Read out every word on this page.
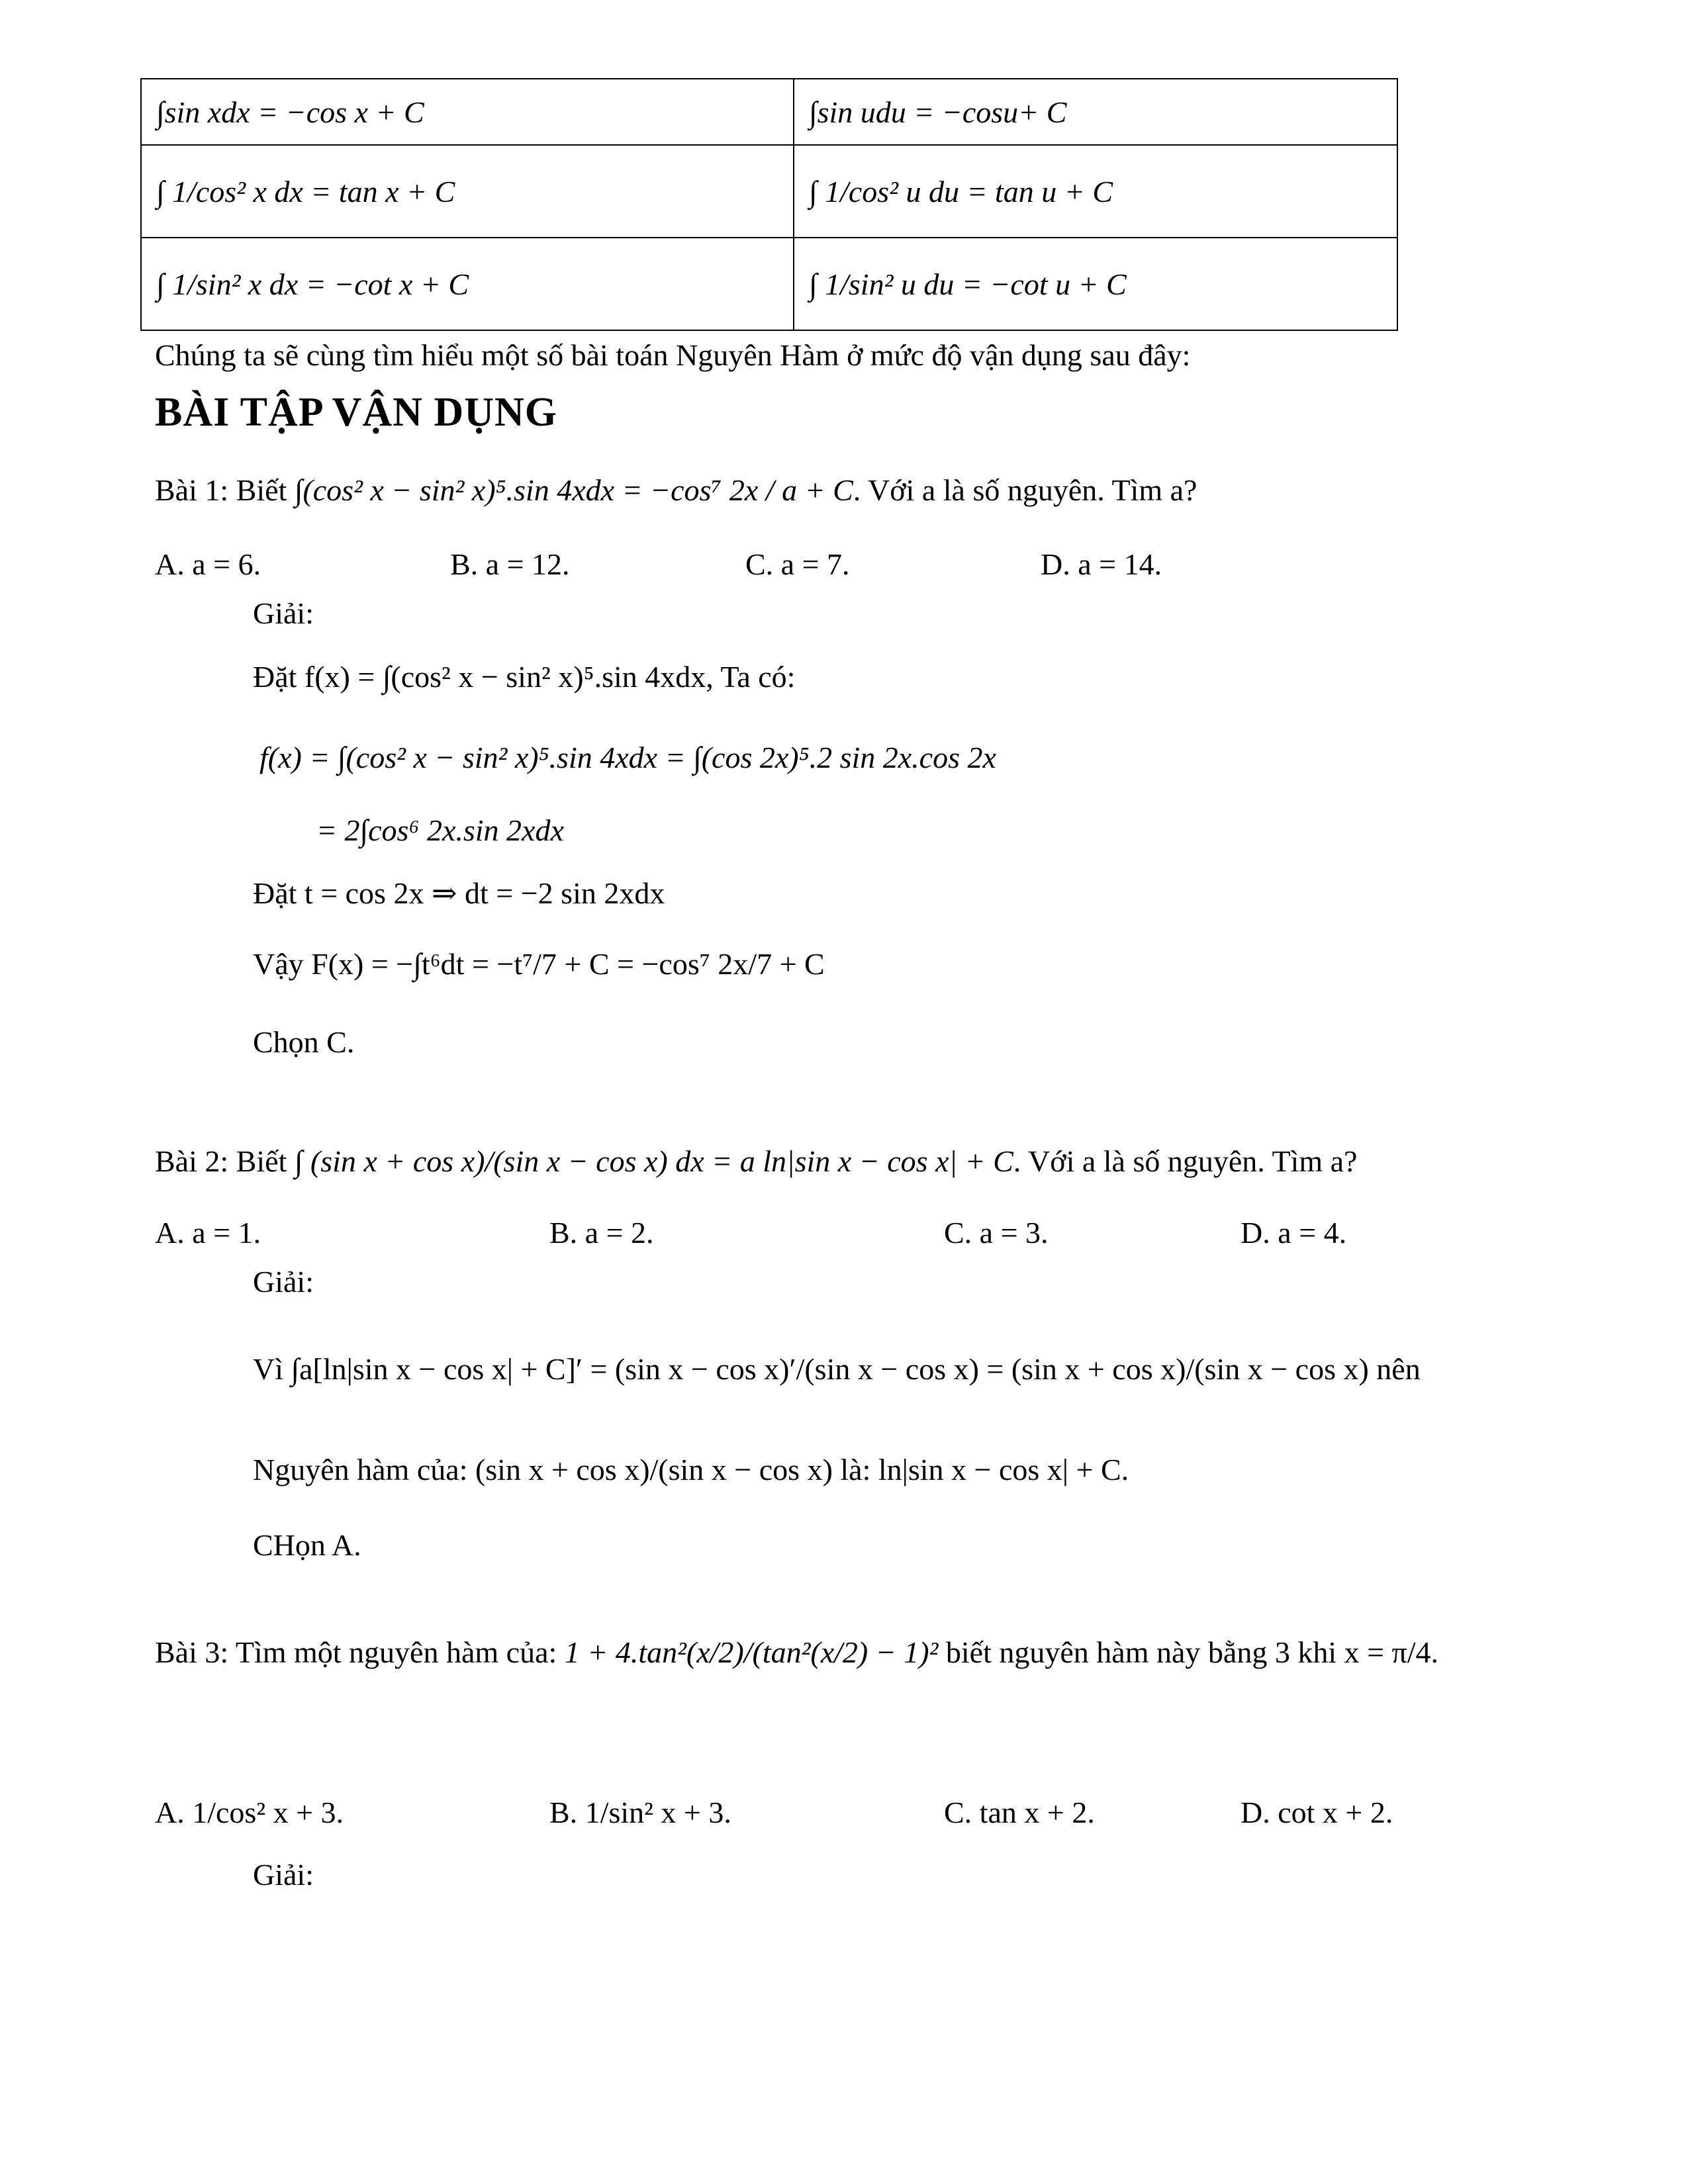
∫sin xdx = −cos x + C	∫sin udu = −cosu+ C
∫ 1/cos² x dx = tan x + C	∫ 1/cos² u du = tan u + C
∫ 1/sin² x dx = −cot x + C	∫ 1/sin² u du = −cot u + C
Chúng ta sẽ cùng tìm hiểu một số bài toán Nguyên Hàm ở mức độ vận dụng sau đây:
BÀI TẬP VẬN DỤNG
Bài 1: Biết ∫(cos² x − sin² x)⁵.sin 4xdx = −cos⁷ 2x / a + C. Với a là số nguyên. Tìm a?
A. a = 6.	B. a = 12.	C. a = 7.	D. a = 14.
Giải:
Đặt f(x) = ∫(cos² x − sin² x)⁵.sin 4xdx, Ta có:
f(x) = ∫(cos² x − sin² x)⁵.sin 4xdx = ∫(cos 2x)⁵.2 sin 2x.cos 2x
= 2∫cos⁶ 2x.sin 2xdx
Đặt t = cos 2x ⇒ dt = −2 sin 2xdx
Vậy F(x) = −∫t⁶dt = −t⁷/7 + C = −cos⁷ 2x/7 + C
Chọn C.
Bài 2: Biết ∫ (sin x + cos x)/(sin x − cos x) dx = a ln|sin x − cos x| + C. Với a là số nguyên. Tìm a?
A. a = 1.	B. a = 2.	C. a = 3.	D. a = 4.
Giải:
Vì ∫a[ln|sin x − cos x| + C]′ = (sin x − cos x)′/(sin x − cos x) = (sin x + cos x)/(sin x − cos x) nên
Nguyên hàm của: (sin x + cos x)/(sin x − cos x) là: ln|sin x − cos x| + C.
CHọn A.
Bài 3: Tìm một nguyên hàm của: 1 + 4.tan²(x/2)/(tan²(x/2) − 1)² biết nguyên hàm này bằng 3 khi x = π/4.
A. 1/cos² x + 3.	B. 1/sin² x + 3.	C. tan x + 2.	D. cot x + 2.
Giải:
